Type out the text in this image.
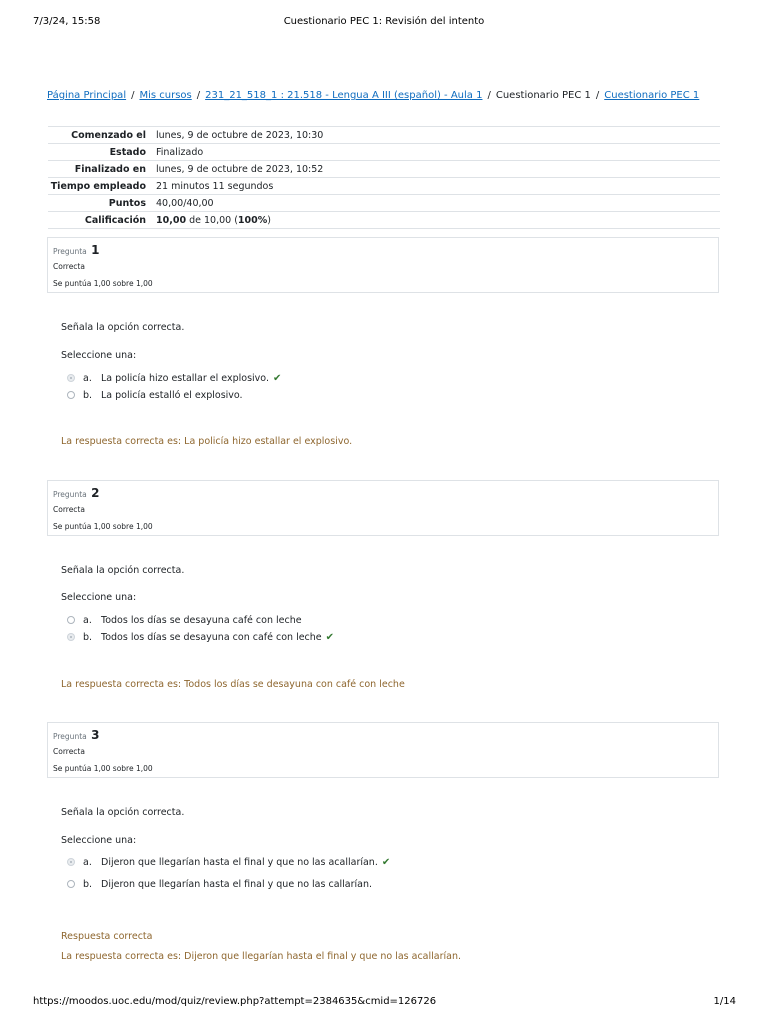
7/3/24, 15:58	Cuestionario PEC 1: Revisión del intento
Página Principal / Mis cursos / 231_21_518_1 : 21.518 - Lengua A III (español) - Aula 1 / Cuestionario PEC 1 / Cuestionario PEC 1
Comenzado el	lunes, 9 de octubre de 2023, 10:30
Estado	Finalizado
Finalizado en	lunes, 9 de octubre de 2023, 10:52
Tiempo empleado	21 minutos 11 segundos
Puntos	40,00/40,00
Calificación	10,00 de 10,00 (100%)
Pregunta 1
Correcta
Se puntúa 1,00 sobre 1,00
Señala la opción correcta.
Seleccione una:
a. La policía hizo estallar el explosivo. ✔
b. La policía estalló el explosivo.
La respuesta correcta es: La policía hizo estallar el explosivo.
Pregunta 2
Correcta
Se puntúa 1,00 sobre 1,00
Señala la opción correcta.
Seleccione una:
a. Todos los días se desayuna café con leche
b. Todos los días se desayuna con café con leche ✔
La respuesta correcta es: Todos los días se desayuna con café con leche
Pregunta 3
Correcta
Se puntúa 1,00 sobre 1,00
Señala la opción correcta.
Seleccione una:
a. Dijeron que llegarían hasta el final y que no las acallarían. ✔
b. Dijeron que llegarían hasta el final y que no las callarían.
Respuesta correcta
La respuesta correcta es: Dijeron que llegarían hasta el final y que no las acallarían.
https://moodos.uoc.edu/mod/quiz/review.php?attempt=2384635&cmid=126726	1/14
